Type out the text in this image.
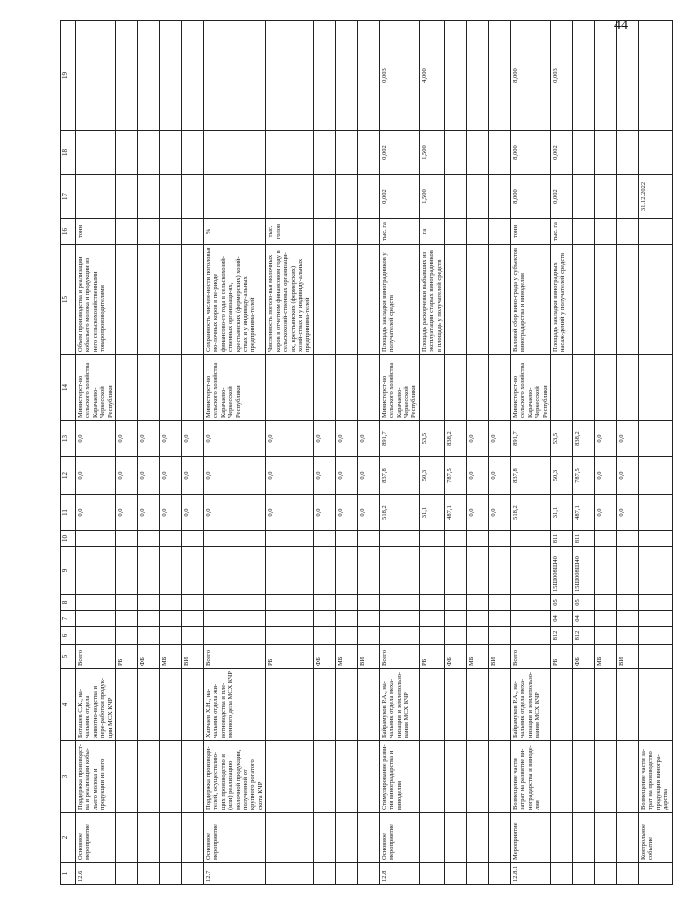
44
1	2	3	4	5	6	7	8	9	10	11	12	13	14	15	16	17	18	19
12.6	Основное мероприятие	Поддержка производст-ва и реализации кобы-льего молока и продукции из него	Боташев С.К., на-чальник отдела животно-водства и пере-работки продук-ции МСХ КЧР	Всего						0,0	0,0	0,0	Министерст-во сельского хозяйства Карачаево-Черкесской Республики	Объем производства и реализации кобыльего молока и продукции из него сельскохозяйственными товаропроизводителями	тонн			
				РБ						0,0	0,0	0,0						
				ФБ						0,0	0,0	0,0						
				МБ						0,0	0,0	0,0						
				ВИ						0,0	0,0	0,0						
12.7	Основное мероприятие	Поддержка производи-телей, осуществляю-щих производство и (или) реализацию молочной продукции, полученной от крупного рогатого скота КЧР	Хапчаев Х.Н., на-чальник отдела жи-вотноводства и пле-менного дела МСХ КЧР	Всего						0,0	0,0	0,0	Министерст-во сельского хозяйства Карачаево-Черкесской Республики	Сохранность числен-ности поголовья мо-лочных коров в пе-риоде финансово-го года в сельскохозяй-ственных организаци-ях, крестьянских (фермерских) хозяй-ствах и у индивиду-альных предпринима-телей	%			
				РБ						0,0	0,0	0,0		Численность поголо-вья молочных коров в отчетном финансовом году в сельскохозяй-ственных организаци-ях, крестьянских (фермерских) хозяй-ствах и у индивиду-альных предпринима-телей	тыс. голов			
				ФБ						0,0	0,0	0,0						
				МБ						0,0	0,0	0,0						
				ВИ						0,0	0,0	0,0						
12.8	Основное мероприятие	Стимулирование разви-тия виноградарства и виноделия	Байрамуков Р.А., на-чальник отдела меха-низации и землепользо-вания МСХ КЧР	Всего						518,2	837,8	891,7	Министерст-во сельского хозяйства Карачаево-Черкесской Республики	Площадь закладки виноградников у получателей средств	тыс. га	0,002	0,002	0,003
				РБ						31,1	50,3	53,5		Площадь раскорчевки выбывших из эксплуатации старых виноградников в площадь у получателей средств	га	1,500	1,500	4,000
				ФБ						487,1	787,5	838,2						
				МБ						0,0	0,0	0,0						
				ВИ						0,0	0,0	0,0						
12.8.1	Мероприятие	Возмещение части затрат на развитие ви-ноградарства и виноде-лия	Байрамуков Р.А., на-чальник отдела меха-низации и землепользо-вания МСХ КЧР	Всего						518,2	837,8	891,7	Министерст-во сельского хозяйства Карачаево-Черкесской Республики	Валовой сбор вино-града у субъектов виноградарства и виноделия	тонн	8,000	8,000	8,000
				РБ	812	04	05	15Ш008Ш40	811	31,1	50,3	53,5		Площадь закладки виноградных насаж-дений у получателей средств	тыс. га	0,002	0,002	0,003
				ФБ	812	04	05	15Ш008Ш40	811	487,1	787,5	838,2						
				МБ						0,0	0,0	0,0						
				ВИ						0,0	0,0	0,0						
	Контрольное событие	Возмещение части за-трат на производство продукции виногра-дарства														31.12.2022		
